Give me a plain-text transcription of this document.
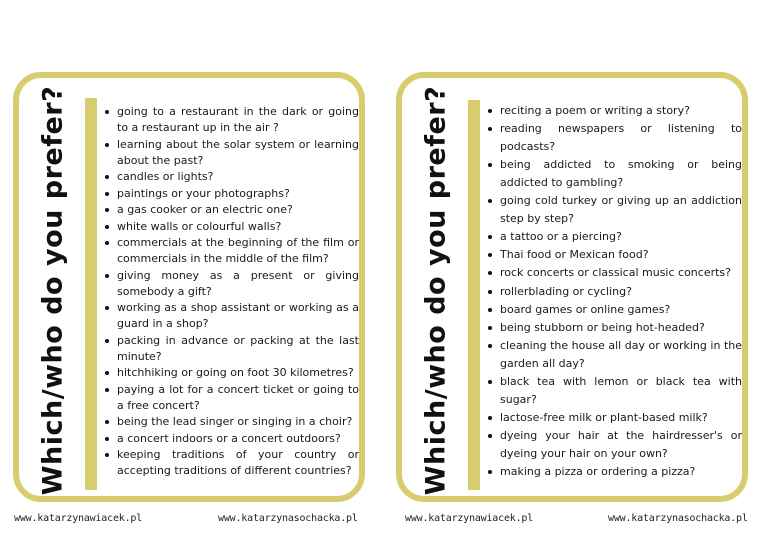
Which/who do you prefer?	going to a restaurant in the dark or going to a restaurant up in the air ?
learning about the solar system or learning about the past?
candles or lights?
paintings or your photographs?
a gas cooker or an electric one?
white walls or colourful walls?
commercials at the beginning of the film or commercials in the middle of the film?
giving money as a present or giving somebody a gift?
working as a shop assistant or working as a guard in a shop?
packing in advance or packing at the last minute?
hitchhiking or going on foot 30 kilometres?
paying a lot for a concert ticket or going to a free concert?
being the lead singer or singing in a choir?
a concert indoors or a concert outdoors?
keeping traditions of your country or accepting traditions of different countries?	Which/who do you prefer?	reciting a poem or writing a story?
reading newspapers or listening to podcasts?
being addicted to smoking or being addicted to gambling?
going cold turkey or giving up an addiction step by step?
a tattoo or a piercing?
Thai food or Mexican food?
rock concerts or classical music concerts?
rollerblading or cycling?
board games or online games?
being stubborn or being hot-headed?
cleaning the house all day or working in the garden all day?
black tea with lemon or black tea with sugar?
lactose-free milk or plant-based milk?
dyeing your hair at the hairdresser's or dyeing your hair on your own?
making a pizza or ordering a pizza?
www.katarzynawiacek.pl	www.katarzynasochacka.pl	www.katarzynawiacek.pl	www.katarzynasochacka.pl
